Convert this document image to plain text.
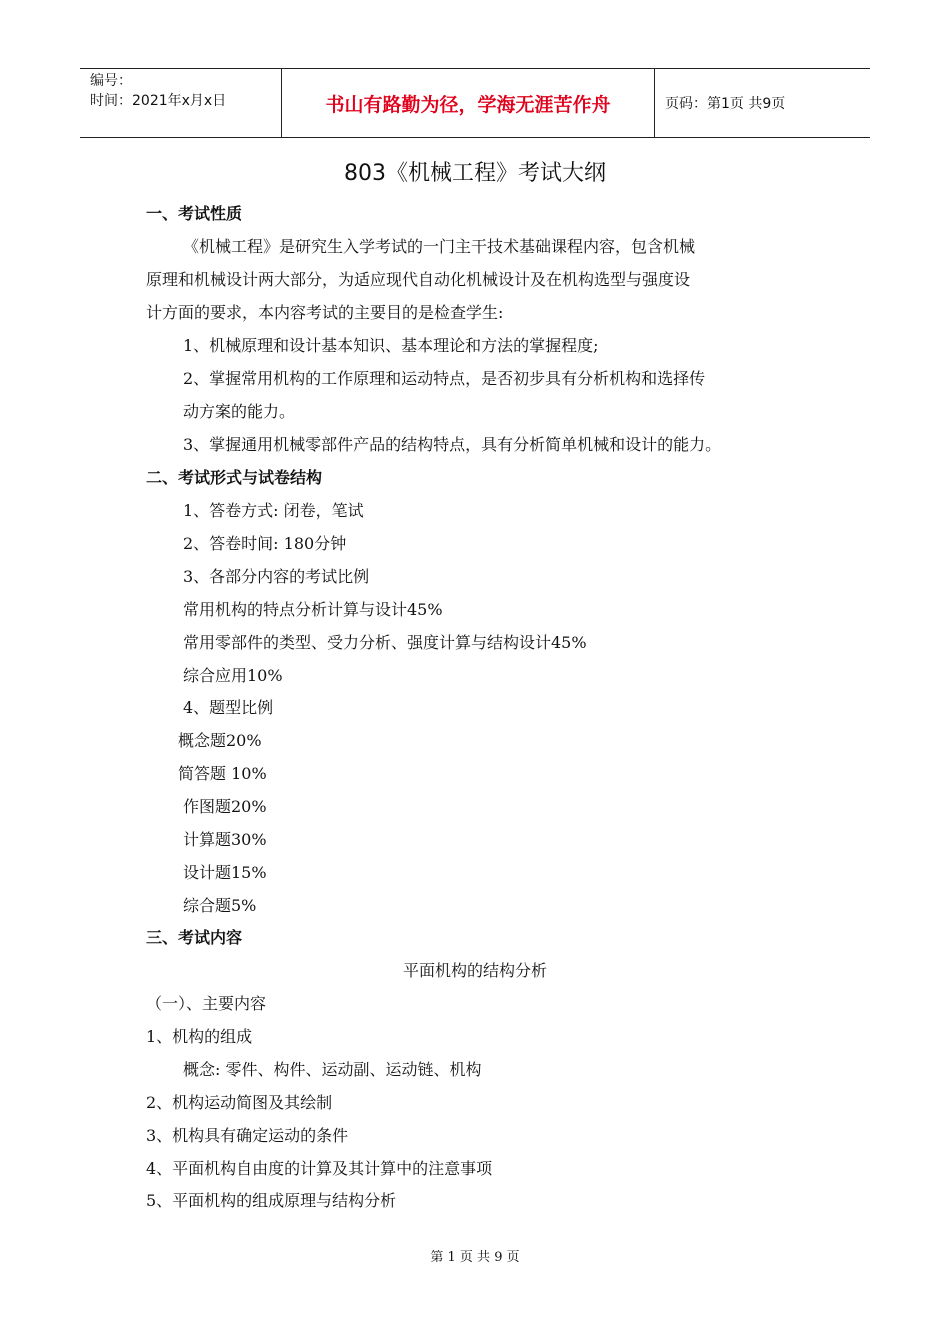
编号：
时间：2021年x月x日	书山有路勤为径，学海无涯苦作舟	页码：第1页 共9页
803《机械工程》考试大纲
一、考试性质
《机械工程》是研究生入学考试的一门主干技术基础课程内容，包含机械
原理和机械设计两大部分，为适应现代自动化机械设计及在机构选型与强度设
计方面的要求，本内容考试的主要目的是检查学生:
1、机械原理和设计基本知识、基本理论和方法的掌握程度;
2、掌握常用机构的工作原理和运动特点，是否初步具有分析机构和选择传
动方案的能力。
3、掌握通用机械零部件产品的结构特点，具有分析简单机械和设计的能力。
二、考试形式与试卷结构
1、答卷方式: 闭卷，笔试
2、答卷时间: 180分钟
3、各部分内容的考试比例
常用机构的特点分析计算与设计45%
常用零部件的类型、受力分析、强度计算与结构设计45%
综合应用10%
4、题型比例
概念题20%
简答题 10%
作图题20%
计算题30%
设计题15%
综合题5%
三、考试内容
平面机构的结构分析
（一）、主要内容
1、机构的组成
概念: 零件、构件、运动副、运动链、机构
2、机构运动简图及其绘制
3、机构具有确定运动的条件
4、平面机构自由度的计算及其计算中的注意事项
5、平面机构的组成原理与结构分析
第 1 页 共 9 页
